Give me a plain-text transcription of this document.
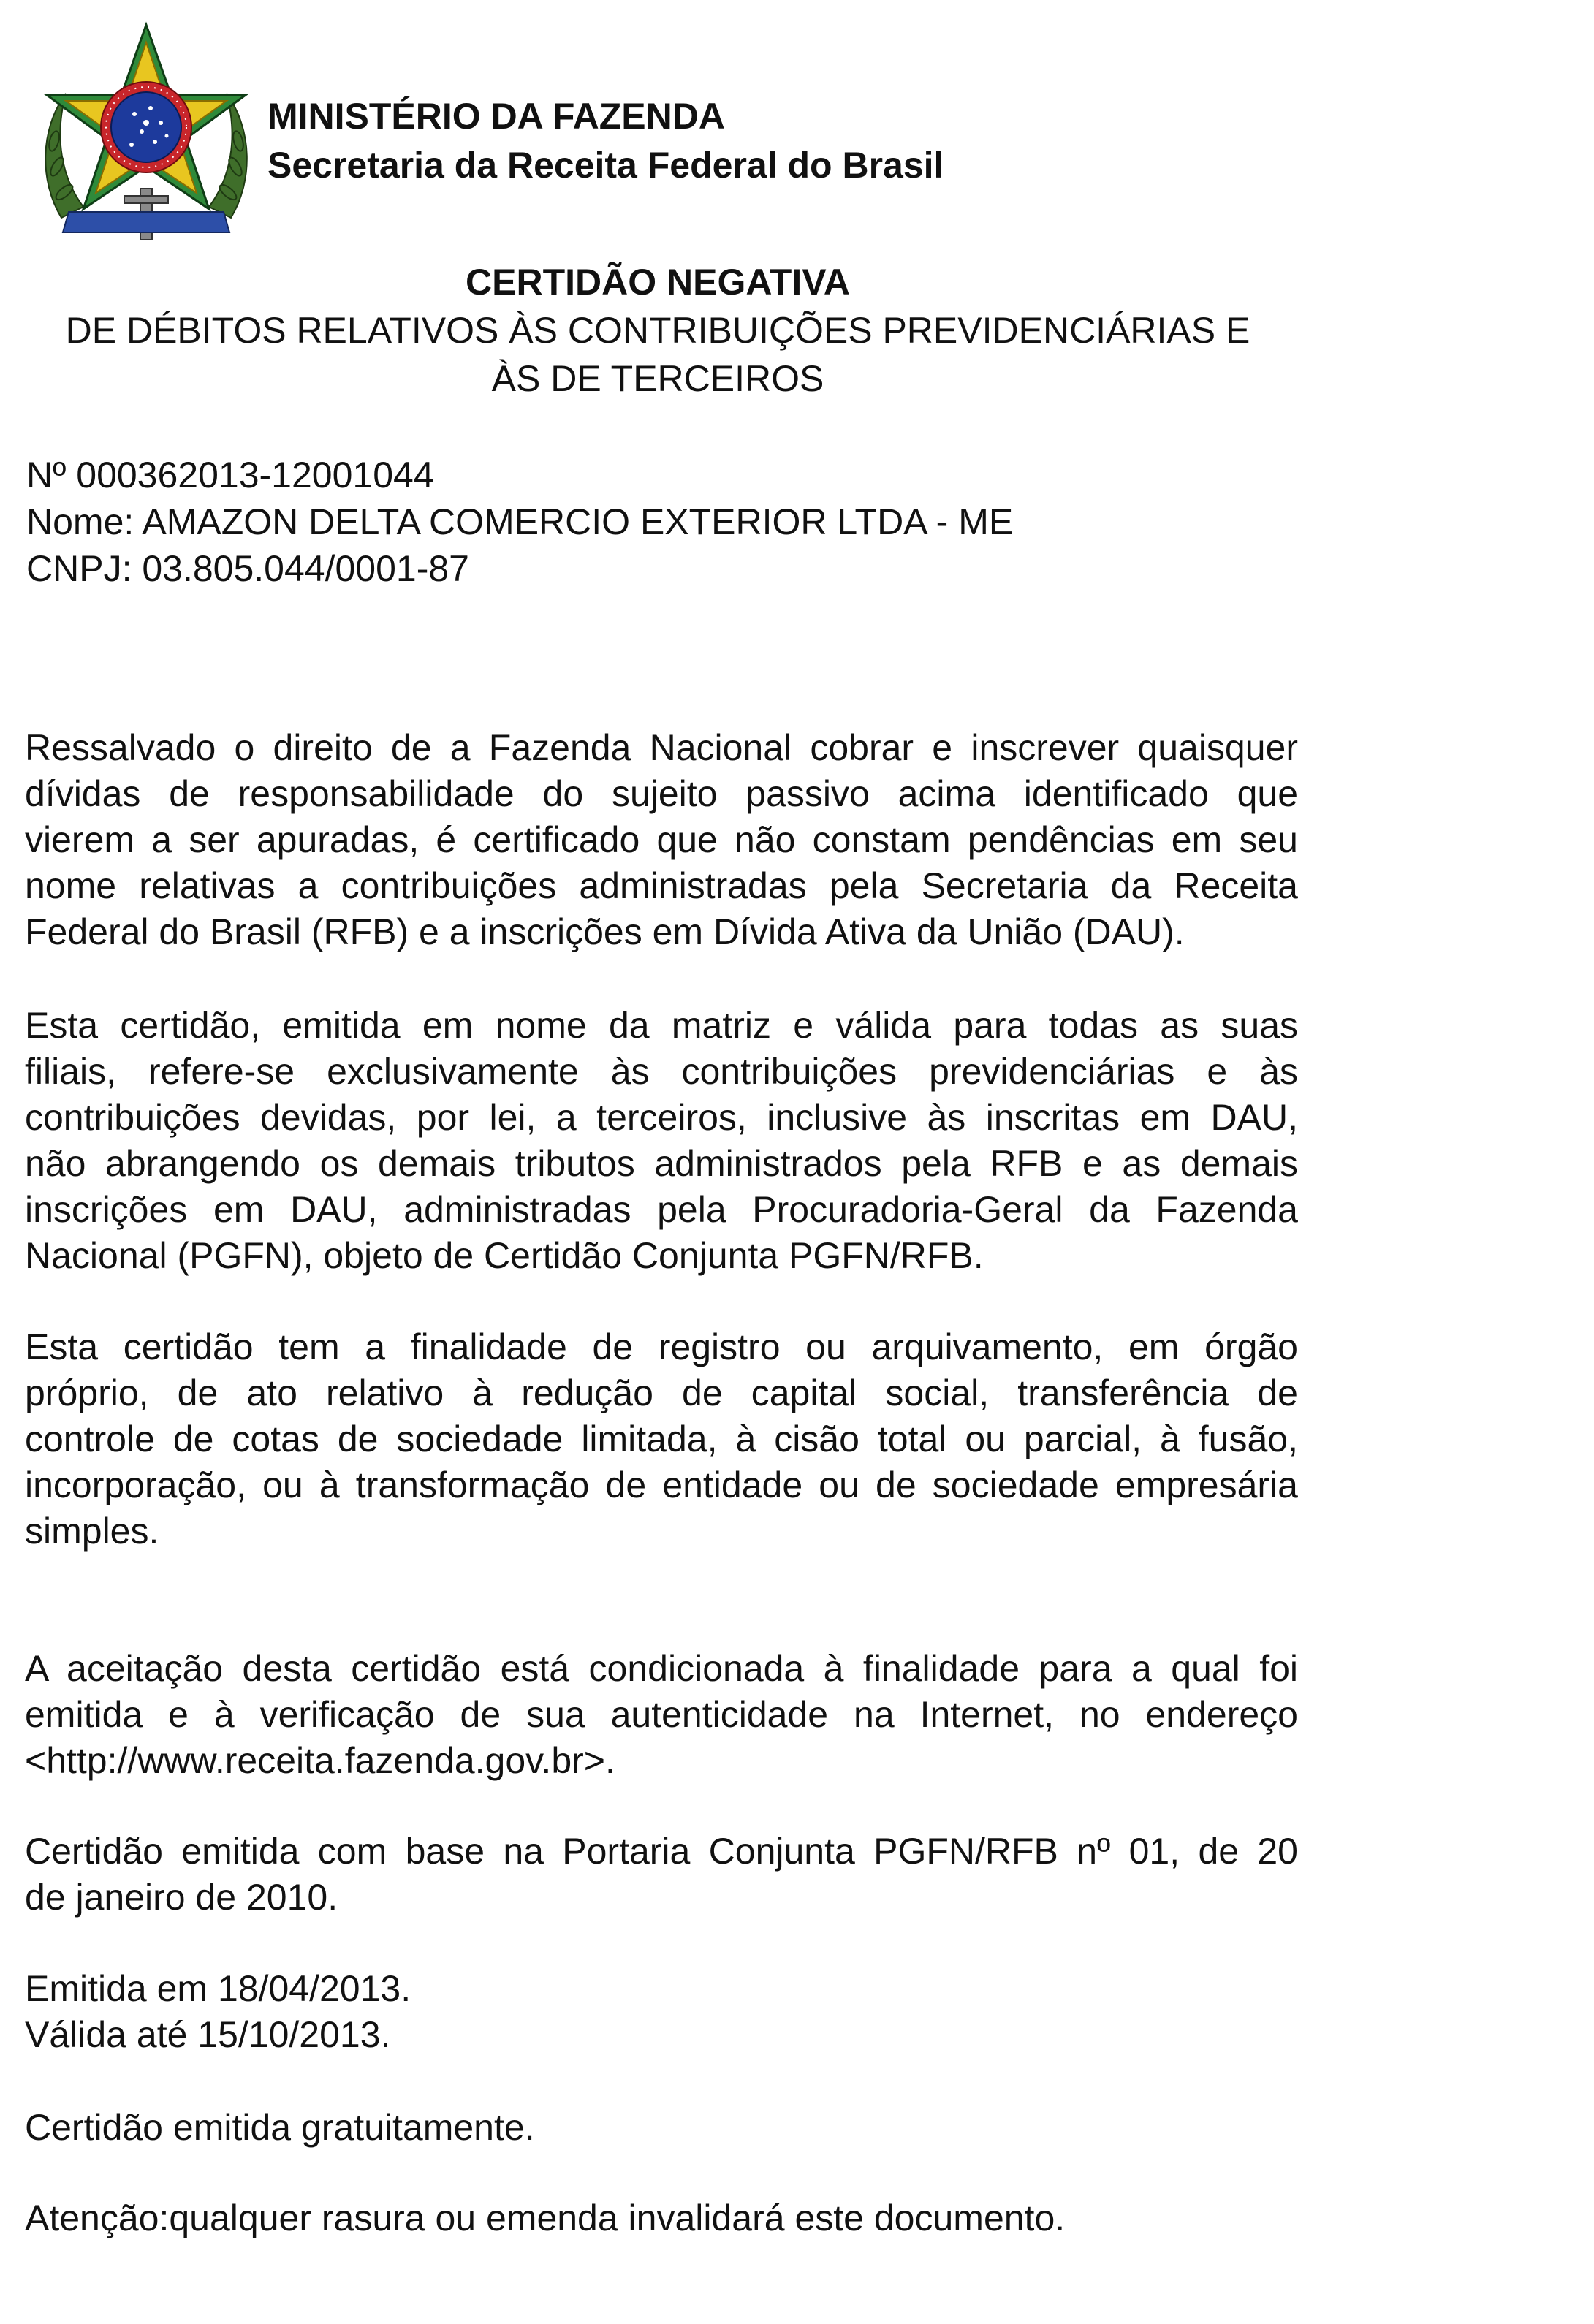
MINISTÉRIO DA FAZENDA
Secretaria da Receita Federal do Brasil
CERTIDÃO NEGATIVA
DE DÉBITOS RELATIVOS ÀS CONTRIBUIÇÕES PREVIDENCIÁRIAS E
ÀS DE TERCEIROS
Nº 000362013-12001044
Nome: AMAZON DELTA COMERCIO EXTERIOR LTDA - ME
CNPJ: 03.805.044/0001-87
Ressalvado o direito de a Fazenda Nacional cobrar e inscrever quaisquer
dívidas de responsabilidade do sujeito passivo acima identificado que
vierem a ser apuradas, é certificado que não constam pendências em seu
nome relativas a contribuições administradas pela Secretaria da Receita
Federal do Brasil (RFB) e a inscrições em Dívida Ativa da União (DAU).
Esta certidão, emitida em nome da matriz e válida para todas as suas
filiais, refere-se exclusivamente às contribuições previdenciárias e às
contribuições devidas, por lei, a terceiros, inclusive às inscritas em DAU,
não abrangendo os demais tributos administrados pela RFB e as demais
inscrições em DAU, administradas pela Procuradoria-Geral da Fazenda
Nacional (PGFN), objeto de Certidão Conjunta PGFN/RFB.
Esta certidão tem a finalidade de registro ou arquivamento, em órgão
próprio, de ato relativo à redução de capital social, transferência de
controle de cotas de sociedade limitada, à cisão total ou parcial, à fusão,
incorporação, ou à transformação de entidade ou de sociedade empresária
simples.
A aceitação desta certidão está condicionada à finalidade para a qual foi
emitida e à verificação de sua autenticidade na Internet, no endereço
<http://www.receita.fazenda.gov.br>.
Certidão emitida com base na Portaria Conjunta PGFN/RFB nº 01, de 20
de janeiro de 2010.
Emitida em 18/04/2013.
Válida até 15/10/2013.
Certidão emitida gratuitamente.
Atenção:qualquer rasura ou emenda invalidará este documento.
